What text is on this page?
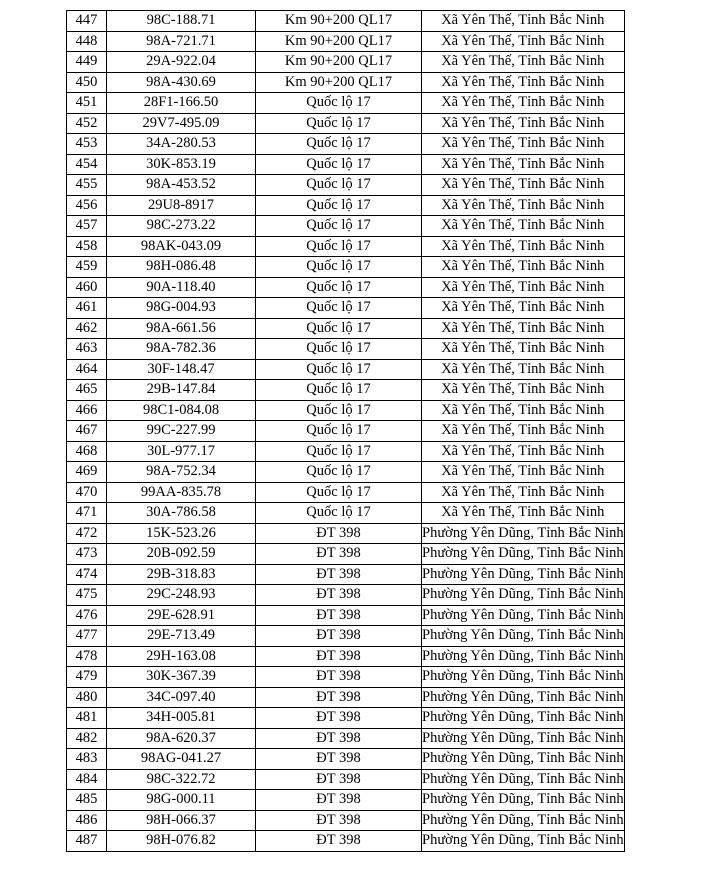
447	98C-188.71	Km 90+200 QL17	Xã Yên Thế, Tỉnh Bắc Ninh
448	98A-721.71	Km 90+200 QL17	Xã Yên Thế, Tỉnh Bắc Ninh
449	29A-922.04	Km 90+200 QL17	Xã Yên Thế, Tỉnh Bắc Ninh
450	98A-430.69	Km 90+200 QL17	Xã Yên Thế, Tỉnh Bắc Ninh
451	28F1-166.50	Quốc lộ 17	Xã Yên Thế, Tỉnh Bắc Ninh
452	29V7-495.09	Quốc lộ 17	Xã Yên Thế, Tỉnh Bắc Ninh
453	34A-280.53	Quốc lộ 17	Xã Yên Thế, Tỉnh Bắc Ninh
454	30K-853.19	Quốc lộ 17	Xã Yên Thế, Tỉnh Bắc Ninh
455	98A-453.52	Quốc lộ 17	Xã Yên Thế, Tỉnh Bắc Ninh
456	29U8-8917	Quốc lộ 17	Xã Yên Thế, Tỉnh Bắc Ninh
457	98C-273.22	Quốc lộ 17	Xã Yên Thế, Tỉnh Bắc Ninh
458	98AK-043.09	Quốc lộ 17	Xã Yên Thế, Tỉnh Bắc Ninh
459	98H-086.48	Quốc lộ 17	Xã Yên Thế, Tỉnh Bắc Ninh
460	90A-118.40	Quốc lộ 17	Xã Yên Thế, Tỉnh Bắc Ninh
461	98G-004.93	Quốc lộ 17	Xã Yên Thế, Tỉnh Bắc Ninh
462	98A-661.56	Quốc lộ 17	Xã Yên Thế, Tỉnh Bắc Ninh
463	98A-782.36	Quốc lộ 17	Xã Yên Thế, Tỉnh Bắc Ninh
464	30F-148.47	Quốc lộ 17	Xã Yên Thế, Tỉnh Bắc Ninh
465	29B-147.84	Quốc lộ 17	Xã Yên Thế, Tỉnh Bắc Ninh
466	98C1-084.08	Quốc lộ 17	Xã Yên Thế, Tỉnh Bắc Ninh
467	99C-227.99	Quốc lộ 17	Xã Yên Thế, Tỉnh Bắc Ninh
468	30L-977.17	Quốc lộ 17	Xã Yên Thế, Tỉnh Bắc Ninh
469	98A-752.34	Quốc lộ 17	Xã Yên Thế, Tỉnh Bắc Ninh
470	99AA-835.78	Quốc lộ 17	Xã Yên Thế, Tỉnh Bắc Ninh
471	30A-786.58	Quốc lộ 17	Xã Yên Thế, Tỉnh Bắc Ninh
472	15K-523.26	ĐT 398	Phường Yên Dũng, Tỉnh Bắc Ninh
473	20B-092.59	ĐT 398	Phường Yên Dũng, Tỉnh Bắc Ninh
474	29B-318.83	ĐT 398	Phường Yên Dũng, Tỉnh Bắc Ninh
475	29C-248.93	ĐT 398	Phường Yên Dũng, Tỉnh Bắc Ninh
476	29E-628.91	ĐT 398	Phường Yên Dũng, Tỉnh Bắc Ninh
477	29E-713.49	ĐT 398	Phường Yên Dũng, Tỉnh Bắc Ninh
478	29H-163.08	ĐT 398	Phường Yên Dũng, Tỉnh Bắc Ninh
479	30K-367.39	ĐT 398	Phường Yên Dũng, Tỉnh Bắc Ninh
480	34C-097.40	ĐT 398	Phường Yên Dũng, Tỉnh Bắc Ninh
481	34H-005.81	ĐT 398	Phường Yên Dũng, Tỉnh Bắc Ninh
482	98A-620.37	ĐT 398	Phường Yên Dũng, Tỉnh Bắc Ninh
483	98AG-041.27	ĐT 398	Phường Yên Dũng, Tỉnh Bắc Ninh
484	98C-322.72	ĐT 398	Phường Yên Dũng, Tỉnh Bắc Ninh
485	98G-000.11	ĐT 398	Phường Yên Dũng, Tỉnh Bắc Ninh
486	98H-066.37	ĐT 398	Phường Yên Dũng, Tỉnh Bắc Ninh
487	98H-076.82	ĐT 398	Phường Yên Dũng, Tỉnh Bắc Ninh
